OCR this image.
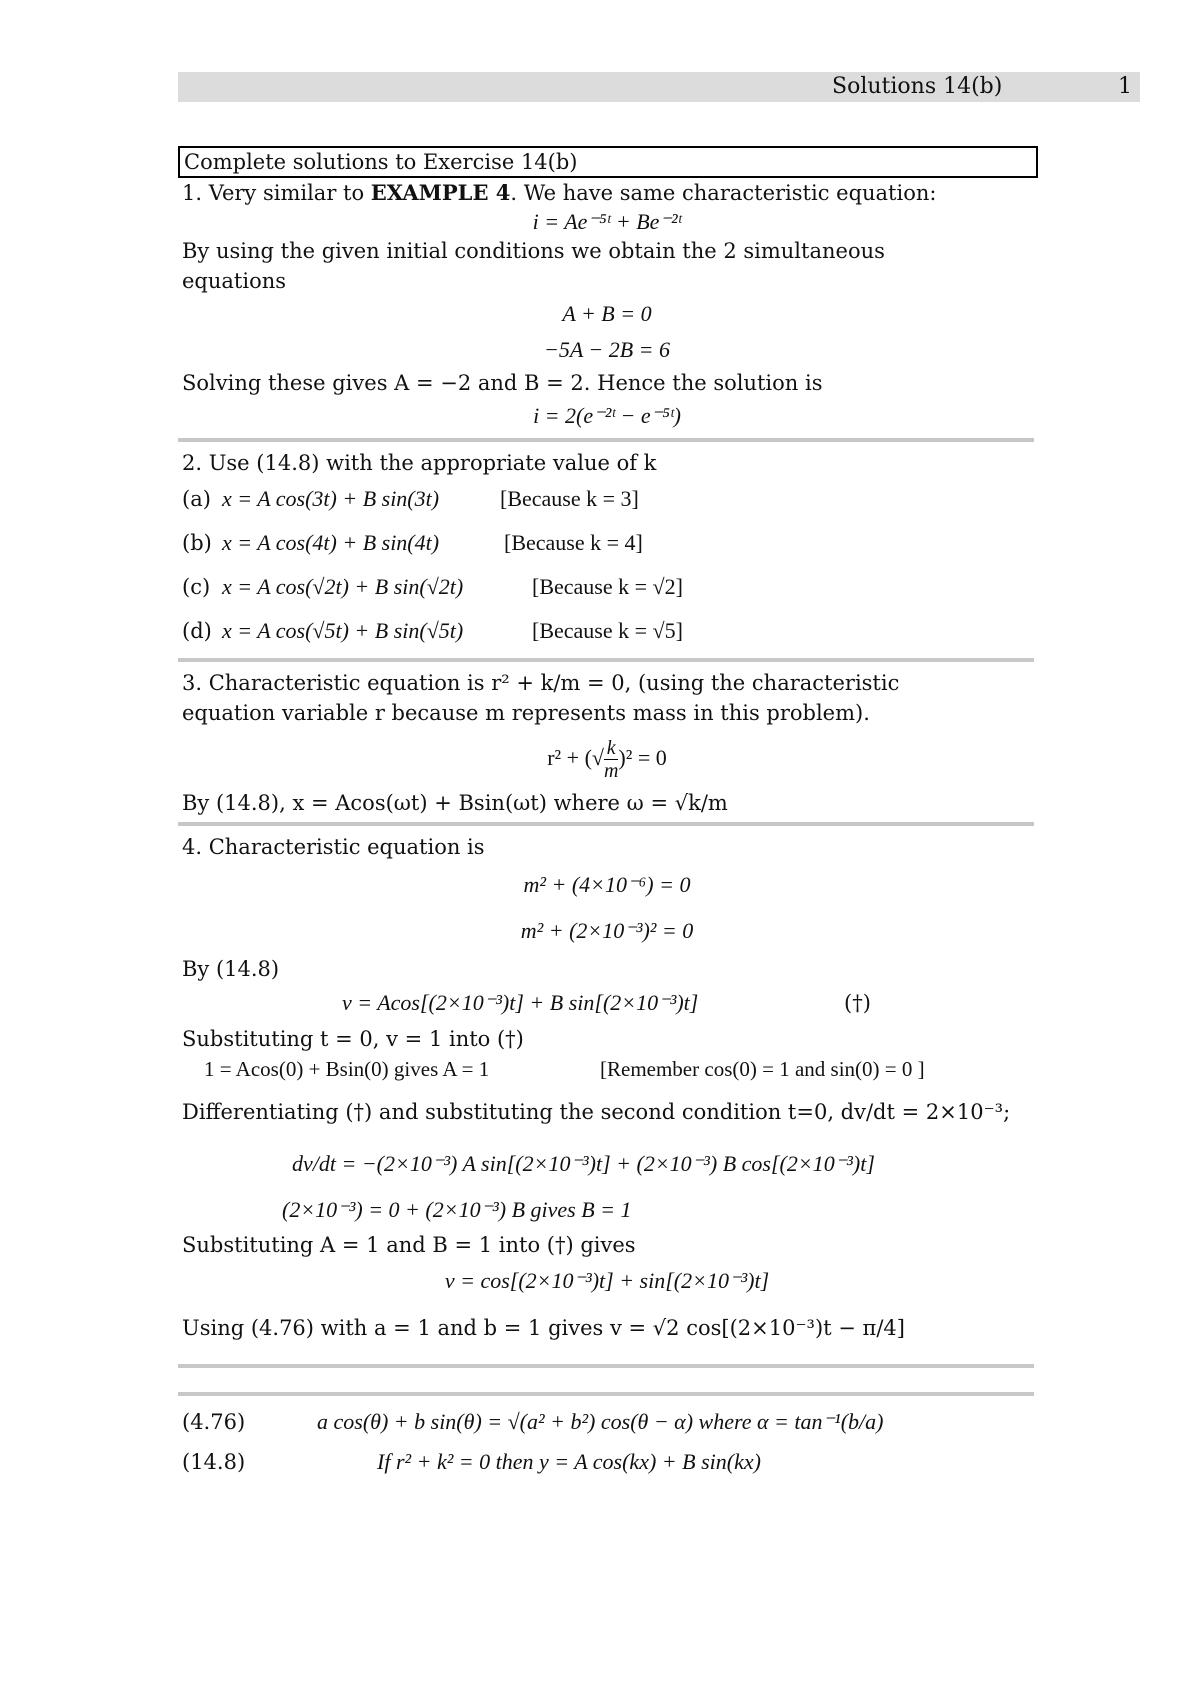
Solutions 14(b)	1
Complete solutions to Exercise 14(b)
1. Very similar to EXAMPLE 4. We have same characteristic equation:
i = Ae⁻⁵ᵗ + Be⁻²ᵗ
By using the given initial conditions we obtain the 2 simultaneous
equations
A + B = 0
−5A − 2B = 6
Solving these gives A = −2 and B = 2. Hence the solution is
i = 2(e⁻²ᵗ − e⁻⁵ᵗ)
2. Use (14.8) with the appropriate value of k
(a) x = A cos(3t) + B sin(3t)	[Because k = 3]
(b) x = A cos(4t) + B sin(4t)	[Because k = 4]
(c) x = A cos(√2t) + B sin(√2t)	[Because k = √2]
(d) x = A cos(√5t) + B sin(√5t)	[Because k = √5]
3. Characteristic equation is r² + k/m = 0, (using the characteristic
equation variable r because m represents mass in this problem).
r² + (√ $\frac{k}{m} )^2 = 0$
By (14.8), x = Acos(ωt) + Bsin(ωt) where ω = √k/m
4. Characteristic equation is
m² + (4×10⁻⁶) = 0
m² + (2×10⁻³)² = 0
By (14.8)
v = Acos[(2×10⁻³)t] + B sin[(2×10⁻³)t]	(†)
Substituting t = 0, v = 1 into (†)
1 = Acos(0) + Bsin(0) gives A = 1	[Remember cos(0) = 1 and sin(0) = 0 ]
Differentiating (†) and substituting the second condition t=0, dv/dt = 2×10⁻³;
dv/dt = −(2×10⁻³) A sin[(2×10⁻³)t] + (2×10⁻³) B cos[(2×10⁻³)t]
(2×10⁻³) = 0 + (2×10⁻³) B gives B = 1
Substituting A = 1 and B = 1 into (†) gives
v = cos[(2×10⁻³)t] + sin[(2×10⁻³)t]
Using (4.76) with a = 1 and b = 1 gives v = √2 cos[(2×10⁻³)t − π/4]
(4.76)	a cos(θ) + b sin(θ) = √(a² + b²) cos(θ − α) where α = tan⁻¹(b/a)
(14.8)	If r² + k² = 0 then y = A cos(kx) + B sin(kx)
